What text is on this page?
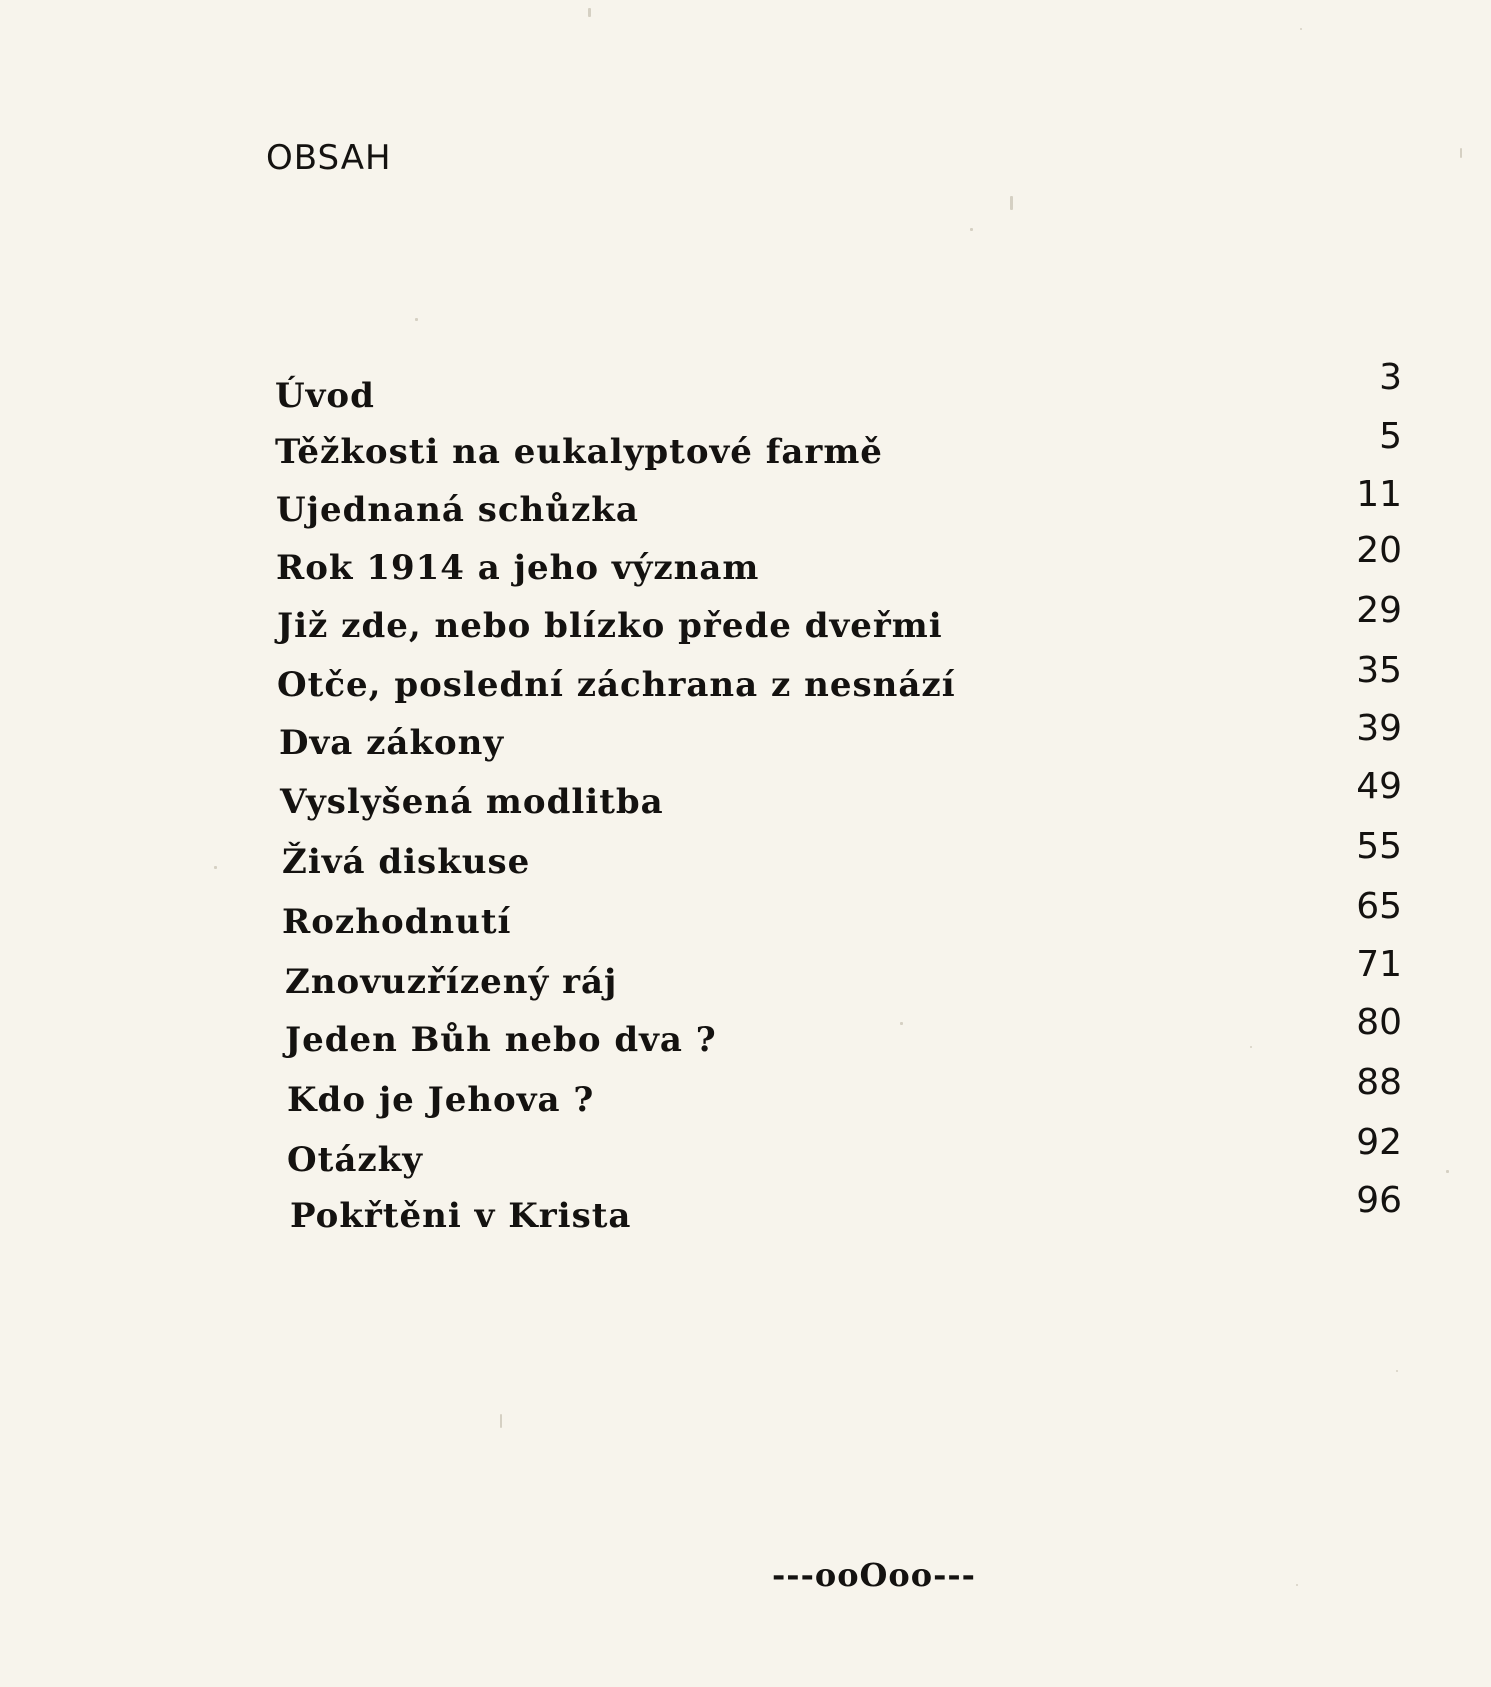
OBSAH
Úvod	3
Těžkosti na eukalyptové farmě	5
Ujednaná schůzka	11
Rok 1914 a jeho význam	20
Již zde, nebo blízko přede dveřmi	29
Otče, poslední záchrana z nesnází	35
Dva zákony	39
Vyslyšená modlitba	49
Živá diskuse	55
Rozhodnutí	65
Znovuzřízený ráj	71
Jeden Bůh nebo dva ?	80
Kdo je Jehova ?	88
Otázky	92
Pokřtěni v Krista	96
---ooOoo---
